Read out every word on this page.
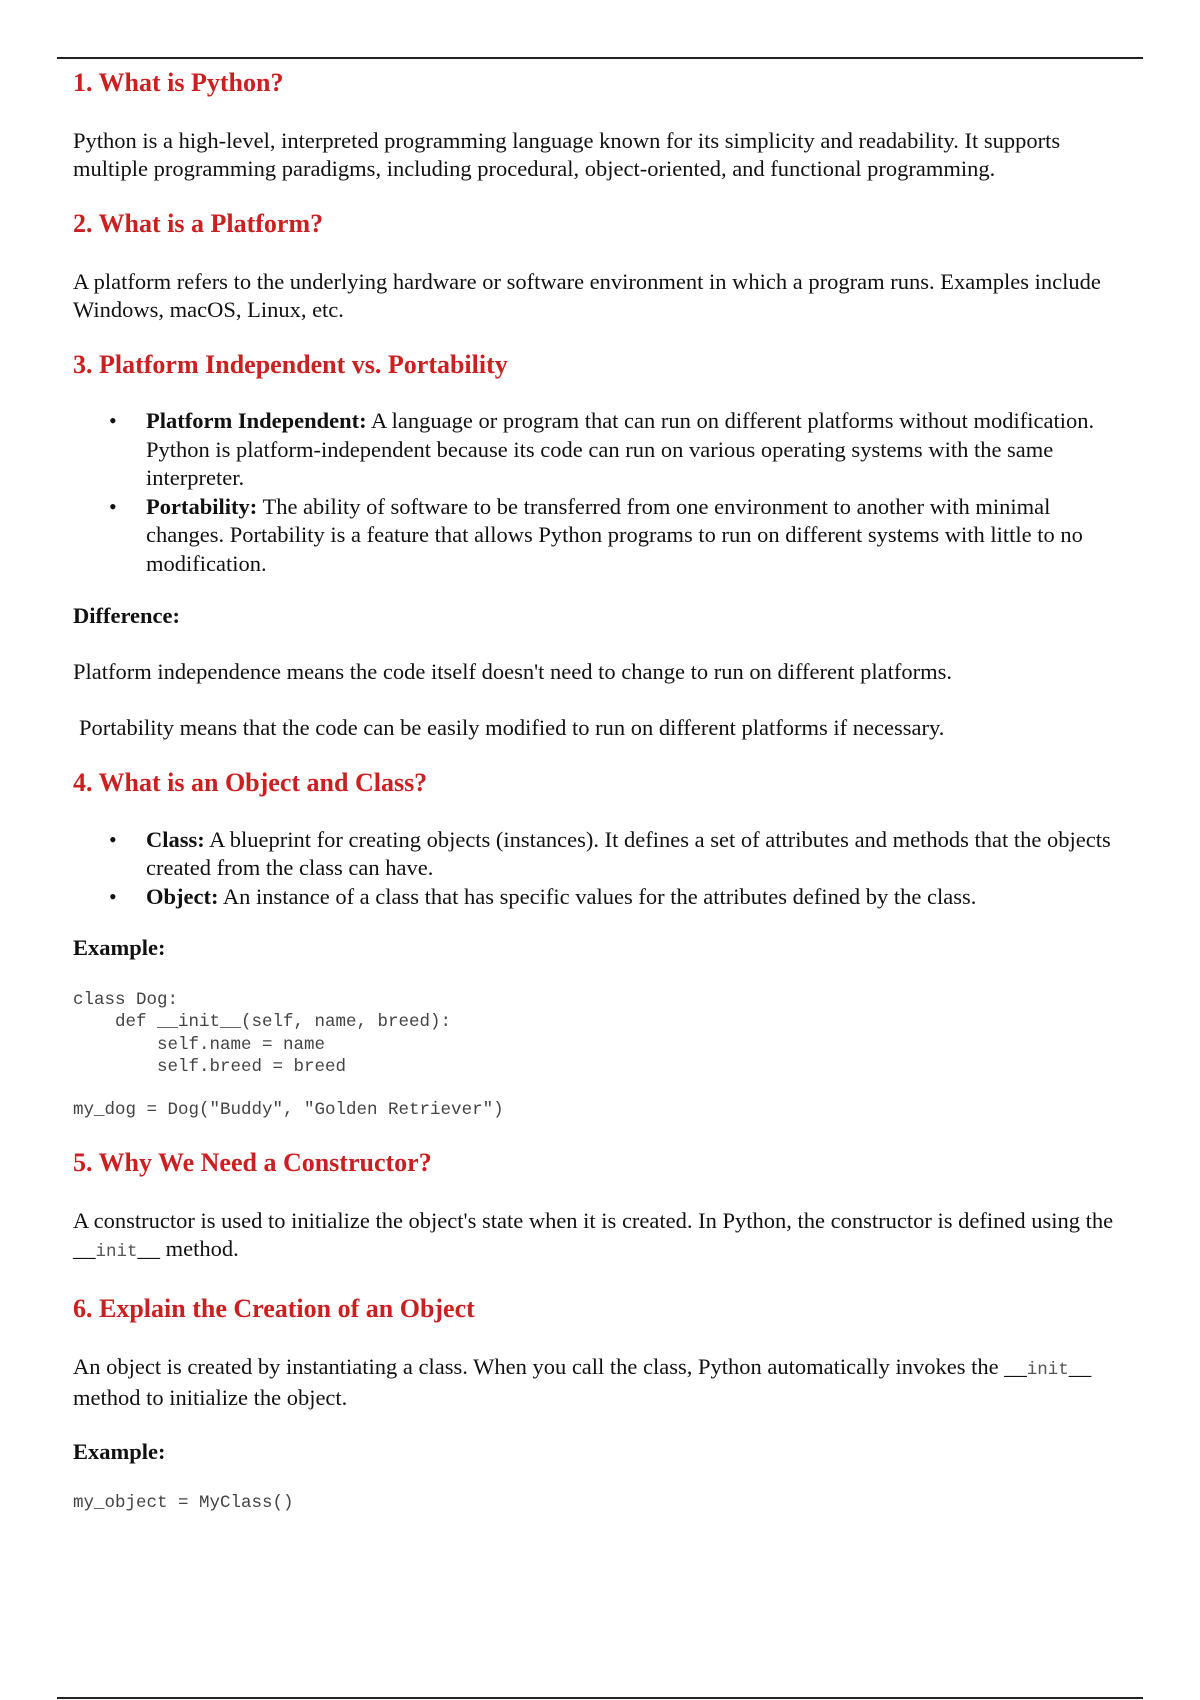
1. What is Python?

Python is a high-level, interpreted programming language known for its simplicity and readability. It supports multiple programming paradigms, including procedural, object-oriented, and functional programming.

2. What is a Platform?

A platform refers to the underlying hardware or software environment in which a program runs. Examples include Windows, macOS, Linux, etc.

3. Platform Independent vs. Portability
• Platform Independent: A language or program that can run on different platforms without modification. Python is platform-independent because its code can run on various operating systems with the same interpreter.
• Portability: The ability of software to be transferred from one environment to another with minimal changes. Portability is a feature that allows Python programs to run on different systems with little to no modification.
Difference:

Platform independence means the code itself doesn't need to change to run on different platforms.

Portability means that the code can be easily modified to run on different platforms if necessary.

4. What is an Object and Class?
• Class: A blueprint for creating objects (instances). It defines a set of attributes and methods that the objects created from the class can have.
• Object: An instance of a class that has specific values for the attributes defined by the class.
Example:
class Dog:
def __init__(self, name, breed):
self.name = name
self.breed = breed
my_dog = Dog("Buddy", "Golden Retriever")
5. Why We Need a Constructor?

A constructor is used to initialize the object's state when it is created. In Python, the constructor is defined using the __init__ method.

6. Explain the Creation of an Object

An object is created by instantiating a class. When you call the class, Python automatically invokes the __init__ method to initialize the object.

Example:
my_object = MyClass()
